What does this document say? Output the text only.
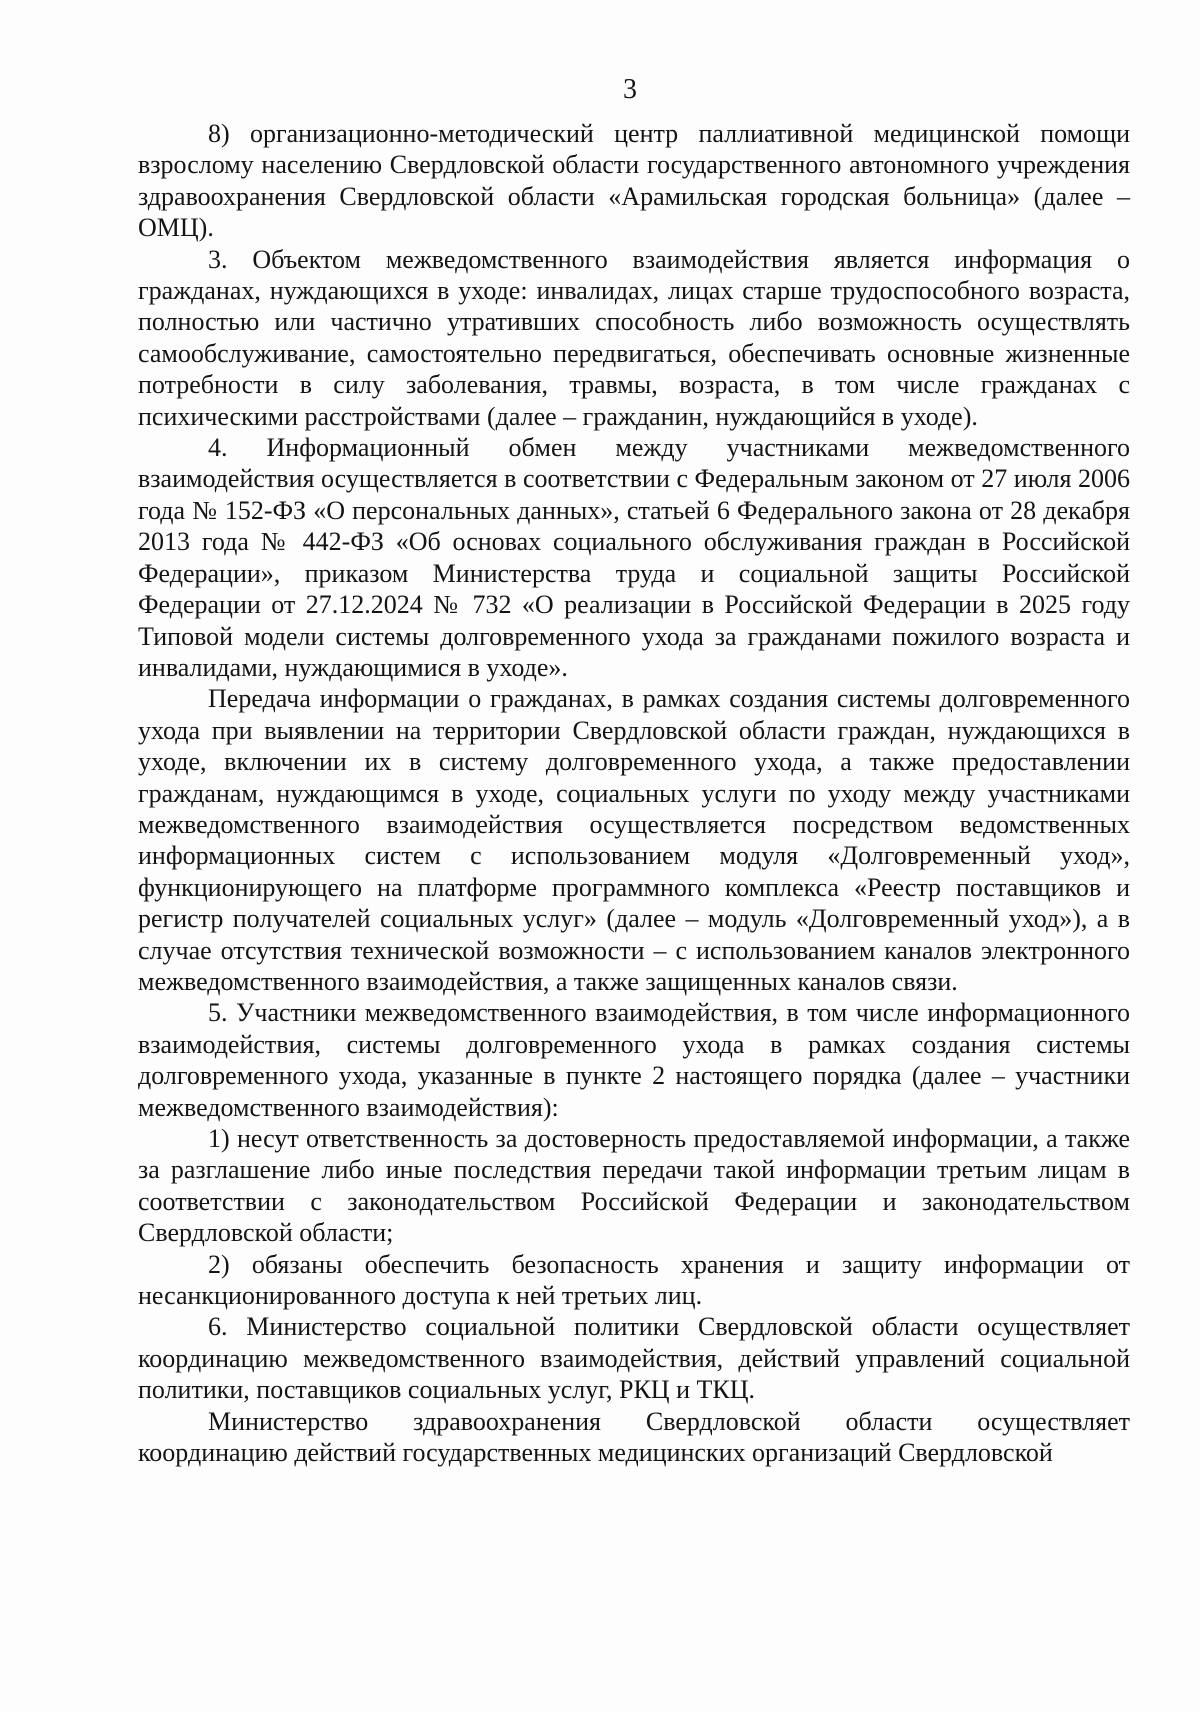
3

8) организационно-методический центр паллиативной медицинской помощи взрослому населению Свердловской области государственного автономного учреждения здравоохранения Свердловской области «Арамильская городская больница» (далее – ОМЦ).

3. Объектом межведомственного взаимодействия является информация о гражданах, нуждающихся в уходе: инвалидах, лицах старше трудоспособного возраста, полностью или частично утративших способность либо возможность осуществлять самообслуживание, самостоятельно передвигаться, обеспечивать основные жизненные потребности в силу заболевания, травмы, возраста, в том числе гражданах с психическими расстройствами (далее – гражданин, нуждающийся в уходе).

4. Информационный обмен между участниками межведомственного взаимодействия осуществляется в соответствии с Федеральным законом от 27 июля 2006 года № 152-ФЗ «О персональных данных», статьей 6 Федерального закона от 28 декабря 2013 года № 442-ФЗ «Об основах социального обслуживания граждан в Российской Федерации», приказом Министерства труда и социальной защиты Российской Федерации от 27.12.2024 № 732 «О реализации в Российской Федерации в 2025 году Типовой модели системы долговременного ухода за гражданами пожилого возраста и инвалидами, нуждающимися в уходе».

Передача информации о гражданах, в рамках создания системы долговременного ухода при выявлении на территории Свердловской области граждан, нуждающихся в уходе, включении их в систему долговременного ухода, а также предоставлении гражданам, нуждающимся в уходе, социальных услуги по уходу между участниками межведомственного взаимодействия осуществляется посредством ведомственных информационных систем с использованием модуля «Долговременный уход», функционирующего на платформе программного комплекса «Реестр поставщиков и регистр получателей социальных услуг» (далее – модуль «Долговременный уход»), а в случае отсутствия технической возможности – с использованием каналов электронного межведомственного взаимодействия, а также защищенных каналов связи.

5. Участники межведомственного взаимодействия, в том числе информационного взаимодействия, системы долговременного ухода в рамках создания системы долговременного ухода, указанные в пункте 2 настоящего порядка (далее – участники межведомственного взаимодействия):

1) несут ответственность за достоверность предоставляемой информации, а также за разглашение либо иные последствия передачи такой информации третьим лицам в соответствии с законодательством Российской Федерации и законодательством Свердловской области;

2) обязаны обеспечить безопасность хранения и защиту информации от несанкционированного доступа к ней третьих лиц.

6. Министерство социальной политики Свердловской области осуществляет координацию межведомственного взаимодействия, действий управлений социальной политики, поставщиков социальных услуг, РКЦ и ТКЦ.

Министерство здравоохранения Свердловской области осуществляет координацию действий государственных медицинских организаций Свердловской
